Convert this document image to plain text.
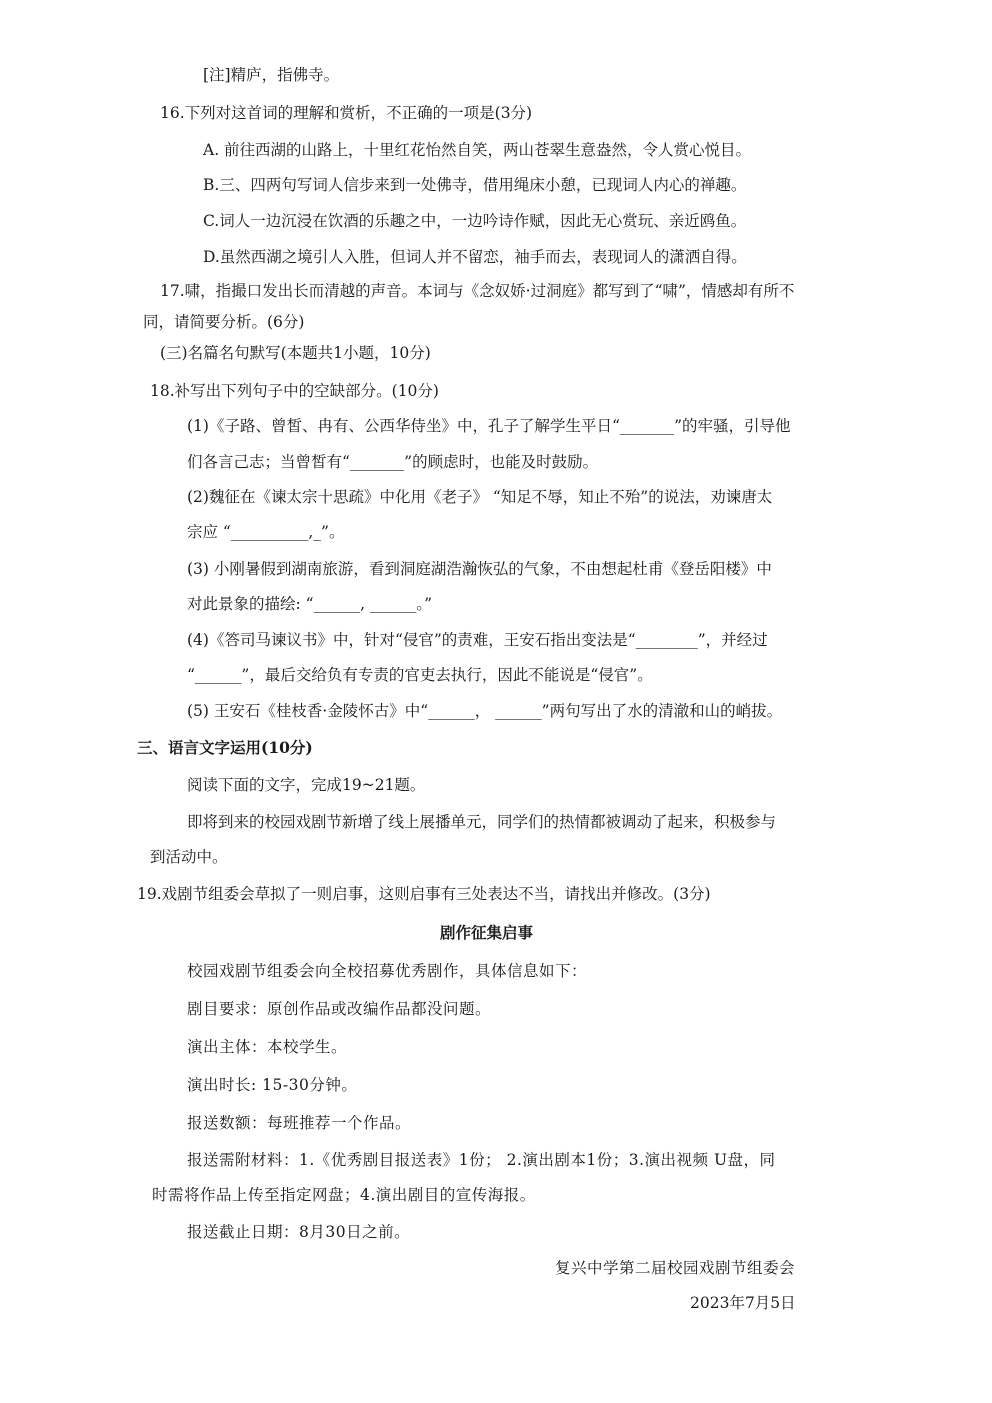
[注]精庐，指佛寺。
16.下列对这首词的理解和赏析，不正确的一项是(3分)
A. 前往西湖的山路上，十里红花怡然自笑，两山苍翠生意盎然，令人赏心悦目。
B.三、四两句写词人信步来到一处佛寺，借用绳床小憩，已现词人内心的禅趣。
C.词人一边沉浸在饮酒的乐趣之中，一边吟诗作赋，因此无心赏玩、亲近鸥鱼。
D.虽然西湖之境引人入胜，但词人并不留恋，袖手而去，表现词人的潇洒自得。
17.啸，指撮口发出长而清越的声音。本词与《念奴娇·过洞庭》都写到了“啸”，情感却有所不
同，请简要分析。(6分)
(三)名篇名句默写(本题共1小题，10分)
18.补写出下列句子中的空缺部分。(10分)
(1)《子路、曾皙、冉有、公西华侍坐》中，孔子了解学生平日“_______”的牢骚，引导他
们各言己志；当曾皙有“_______”的顾虑时，也能及时鼓励。
(2)魏征在《谏太宗十思疏》中化用《老子》 “知足不辱，知止不殆”的说法，劝谏唐太
宗应 “__________,_”。
(3) 小刚暑假到湖南旅游，看到洞庭湖浩瀚恢弘的气象，不由想起杜甫《登岳阳楼》中
对此景象的描绘: “______, ______。”
(4)《答司马谏议书》中，针对“侵官”的责难，王安石指出变法是“________”，并经过
“______”，最后交给负有专责的官吏去执行，因此不能说是“侵官”。
(5) 王安石《桂枝香·金陵怀古》中“______， ______”两句写出了水的清澈和山的峭拔。
三、语言文字运用(10分)
阅读下面的文字，完成19~21题。
即将到来的校园戏剧节新增了线上展播单元，同学们的热情都被调动了起来，积极参与
到活动中。
19.戏剧节组委会草拟了一则启事，这则启事有三处表达不当，请找出并修改。(3分)
剧作征集启事
校园戏剧节组委会向全校招募优秀剧作，具体信息如下：
剧目要求：原创作品或改编作品都没问题。
演出主体：本校学生。
演出时长: 15-30分钟。
报送数额：每班推荐一个作品。
报送需附材料：1.《优秀剧目报送表》1份； 2.演出剧本1份；3.演出视频 U盘，同
时需将作品上传至指定网盘；4.演出剧目的宣传海报。
报送截止日期：8月30日之前。
复兴中学第二届校园戏剧节组委会
2023年7月5日
